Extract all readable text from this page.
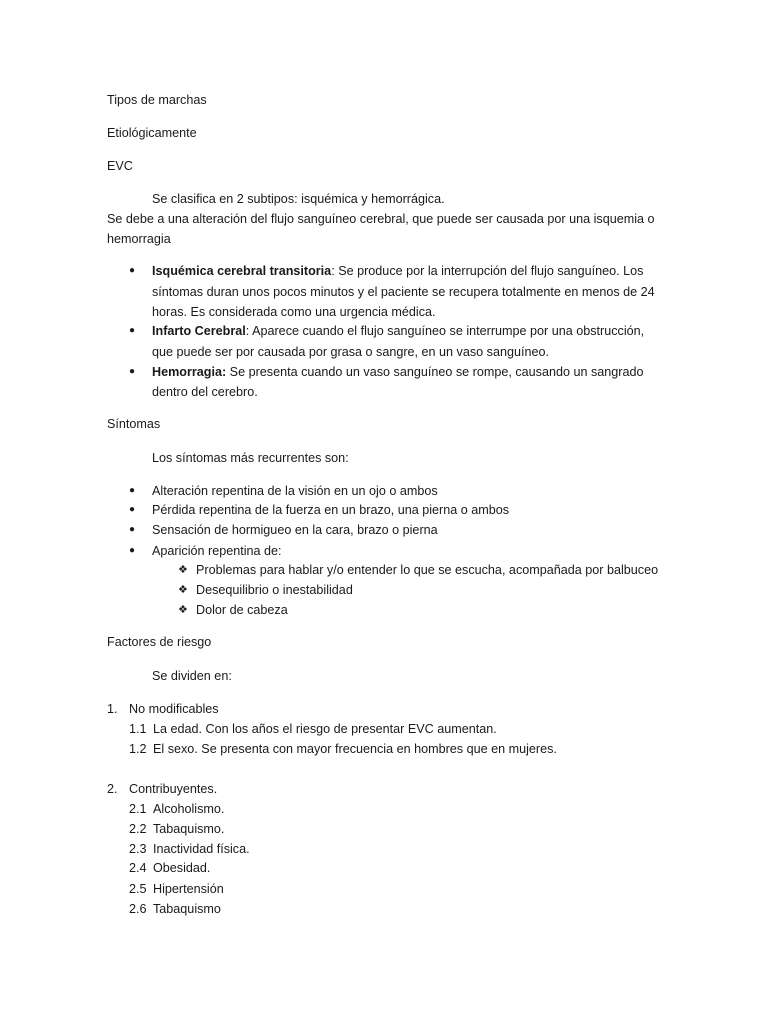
Tipos de marchas
Etiológicamente
EVC
Se clasifica en 2 subtipos: isquémica y hemorrágica.
Se debe a una alteración del flujo sanguíneo cerebral, que puede ser causada por una isquemia o
hemorragia
● Isquémica cerebral transitoria: Se produce por la interrupción del flujo sanguíneo. Los
síntomas duran unos pocos minutos y el paciente se recupera totalmente en menos de 24
horas. Es considerada como una urgencia médica.
● Infarto Cerebral: Aparece cuando el flujo sanguíneo se interrumpe por una obstrucción,
que puede ser por causada por grasa o sangre, en un vaso sanguíneo.
● Hemorragia: Se presenta cuando un vaso sanguíneo se rompe, causando un sangrado
dentro del cerebro.
Síntomas
Los síntomas más recurrentes son:
● Alteración repentina de la visión en un ojo o ambos
● Pérdida repentina de la fuerza en un brazo, una pierna o ambos
● Sensación de hormigueo en la cara, brazo o pierna
● Aparición repentina de:
❖ Problemas para hablar y/o entender lo que se escucha, acompañada por balbuceo
❖ Desequilibrio o inestabilidad
❖ Dolor de cabeza
Factores de riesgo
Se dividen en:
1. No modificables
1.1 La edad. Con los años el riesgo de presentar EVC aumentan.
1.2 El sexo. Se presenta con mayor frecuencia en hombres que en mujeres.
2. Contribuyentes.
2.1 Alcoholismo.
2.2 Tabaquismo.
2.3 Inactividad física.
2.4 Obesidad.
2.5 Hipertensión
2.6 Tabaquismo
